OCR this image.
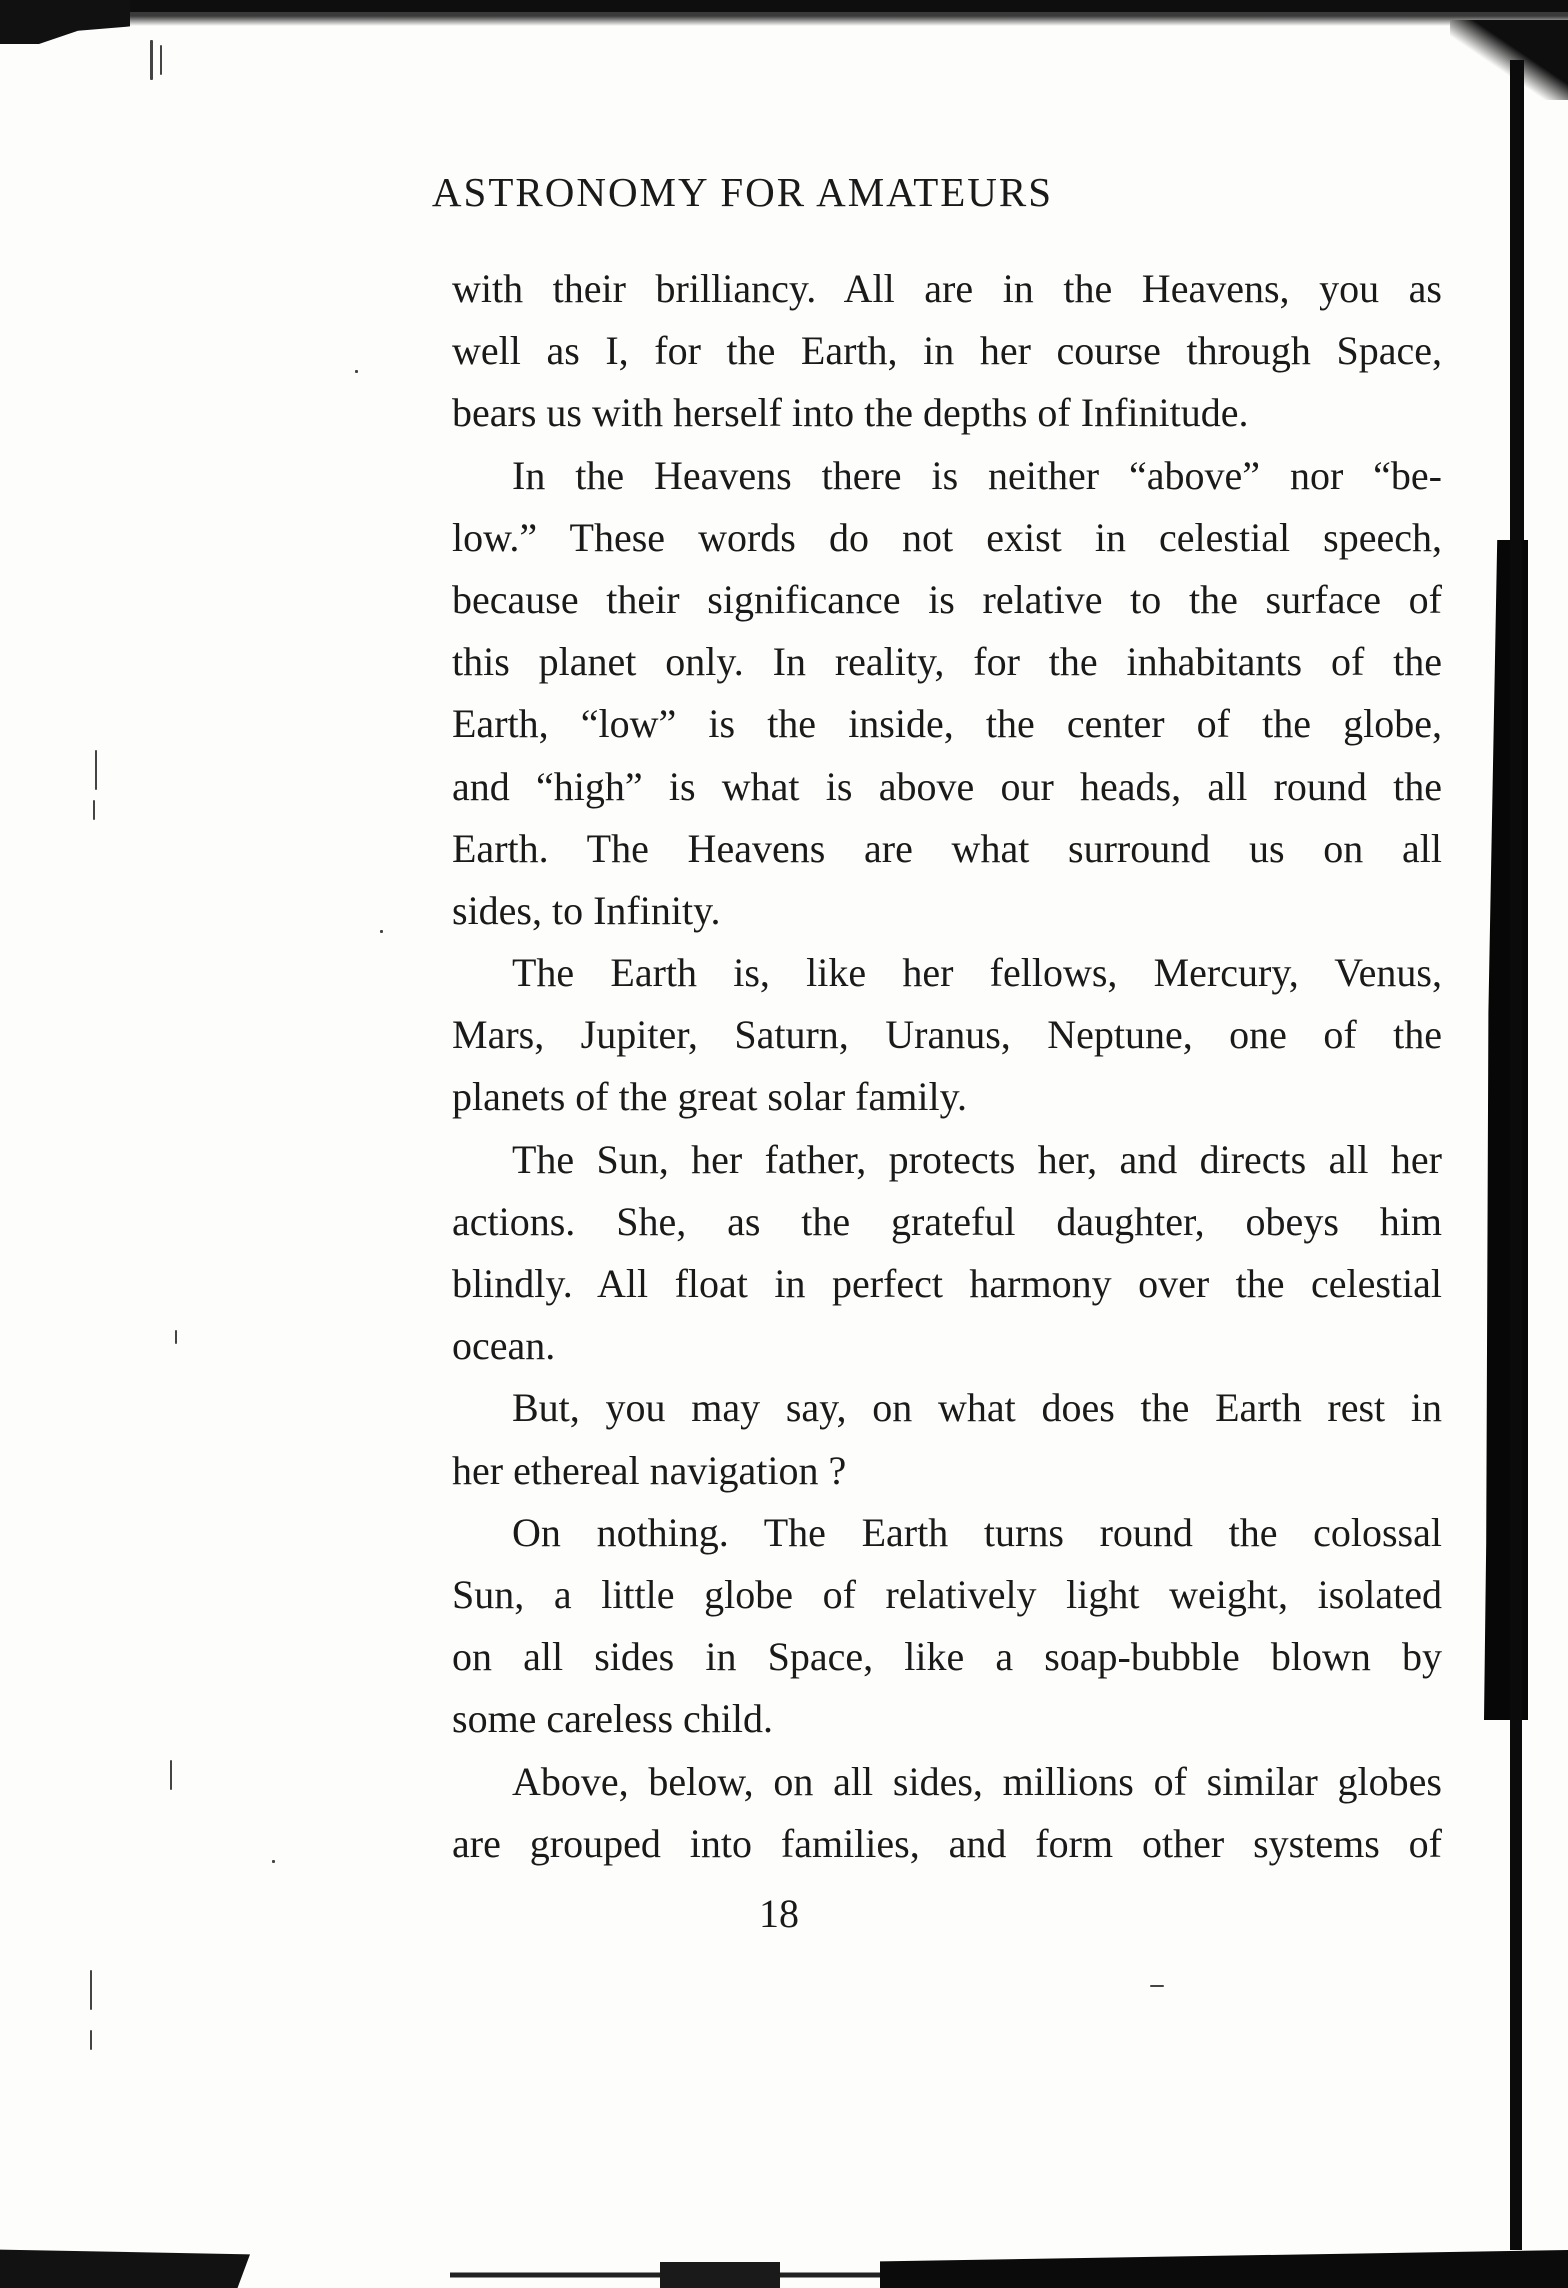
ASTRONOMY FOR AMATEURS
with their brilliancy. All are in the Heavens, you as
well as I, for the Earth, in her course through Space,
bears us with herself into the depths of Infinitude.
In the Heavens there is neither “above” nor “be-
low.” These words do not exist in celestial speech,
because their significance is relative to the surface of
this planet only. In reality, for the inhabitants of the
Earth, “low” is the inside, the center of the globe,
and “high” is what is above our heads, all round the
Earth. The Heavens are what surround us on all
sides, to Infinity.
The Earth is, like her fellows, Mercury, Venus,
Mars, Jupiter, Saturn, Uranus, Neptune, one of the
planets of the great solar family.
The Sun, her father, protects her, and directs all her
actions. She, as the grateful daughter, obeys him
blindly. All float in perfect harmony over the celestial
ocean.
But, you may say, on what does the Earth rest in
her ethereal navigation ?
On nothing. The Earth turns round the colossal
Sun, a little globe of relatively light weight, isolated
on all sides in Space, like a soap-bubble blown by
some careless child.
Above, below, on all sides, millions of similar globes
are grouped into families, and form other systems of
18
